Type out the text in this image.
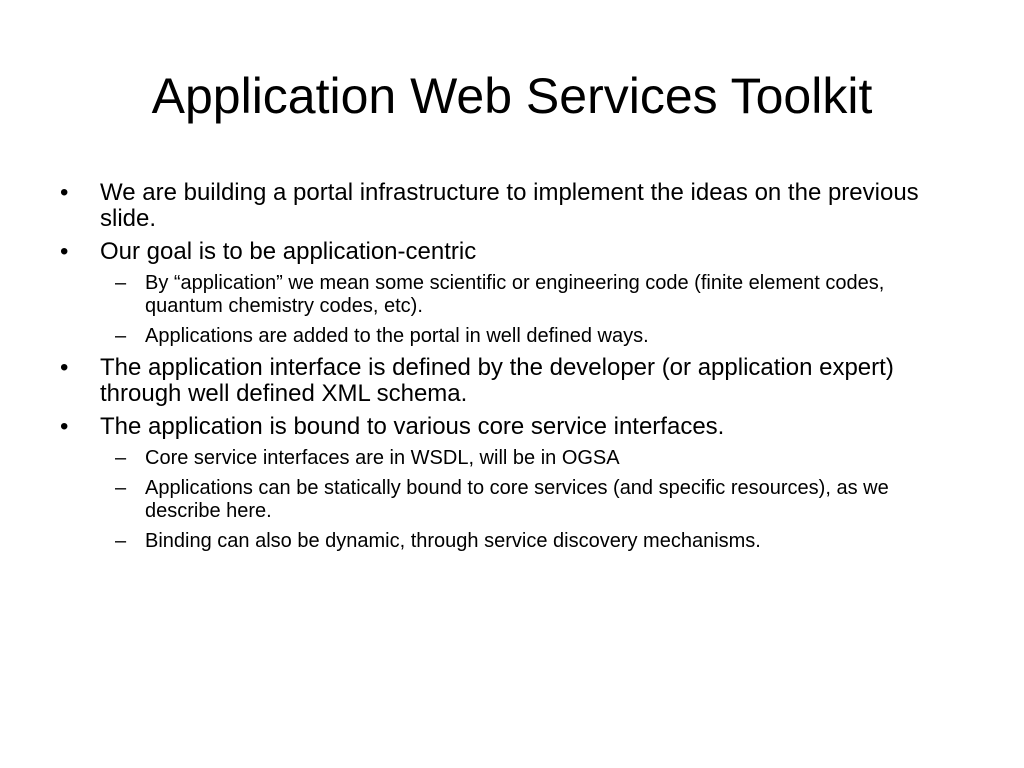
Application Web Services Toolkit
• We are building a portal infrastructure to implement the ideas on the previous slide.
• Our goal is to be application-centric
– By “application” we mean some scientific or engineering code (finite element codes, quantum chemistry codes, etc).
– Applications are added to the portal in well defined ways.
• The application interface is defined by the developer (or application expert) through well defined XML schema.
• The application is bound to various core service interfaces.
– Core service interfaces are in WSDL, will be in OGSA
– Applications can be statically bound to core services (and specific resources), as we describe here.
– Binding can also be dynamic, through service discovery mechanisms.
